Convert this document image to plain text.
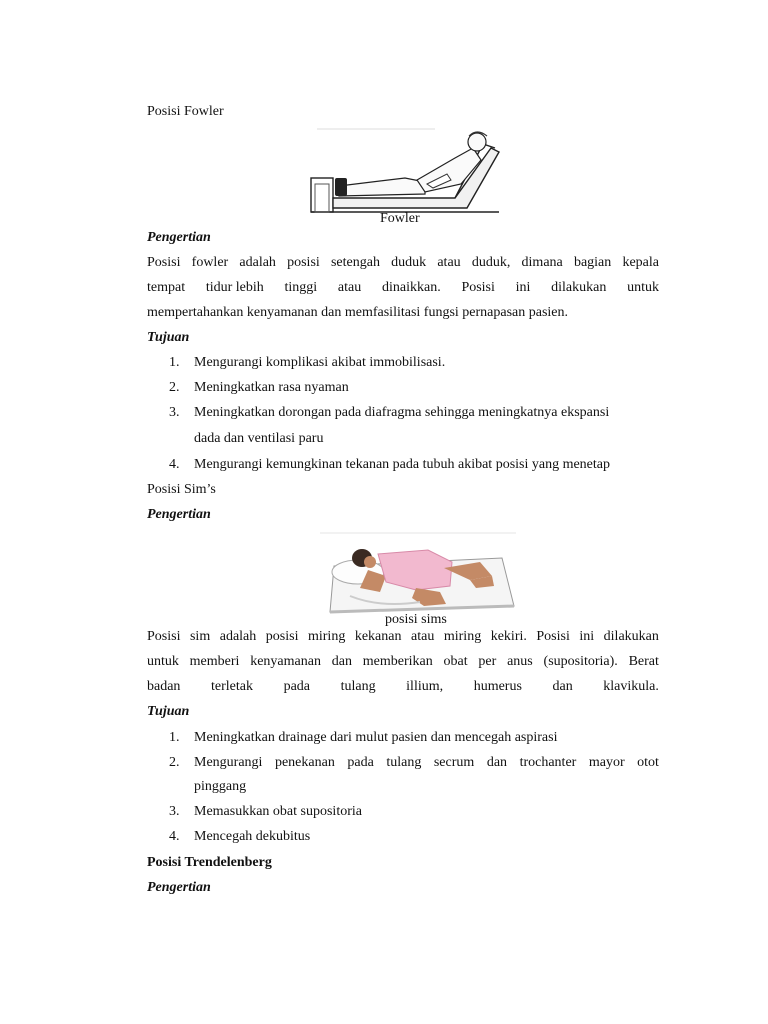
Posisi Fowler
Fowler
Pengertian
Posisi fowler adalah posisi setengah duduk atau duduk, dimana bagian kepala
tempat tidur lebih tinggi atau dinaikkan. Posisi ini dilakukan untuk
mempertahankan kenyamanan dan memfasilitasi fungsi pernapasan pasien.
Tujuan
1. Mengurangi komplikasi akibat immobilisasi.
2. Meningkatkan rasa nyaman
3. Meningkatkan dorongan pada diafragma sehingga meningkatnya ekspansi
dada dan ventilasi paru
4. Mengurangi kemungkinan tekanan pada tubuh akibat posisi yang menetap
Posisi Sim’s
Pengertian
posisi sims
Posisi sim adalah posisi miring kekanan atau miring kekiri. Posisi ini dilakukan
untuk memberi kenyamanan dan memberikan obat per anus (supositoria). Berat
badan terletak pada tulang illium, humerus dan klavikula.
Tujuan
1. Meningkatkan drainage dari mulut pasien dan mencegah aspirasi
2. Mengurangi penekanan pada tulang secrum dan trochanter mayor otot
pinggang
3. Memasukkan obat supositoria
4. Mencegah dekubitus
Posisi Trendelenberg
Pengertian
